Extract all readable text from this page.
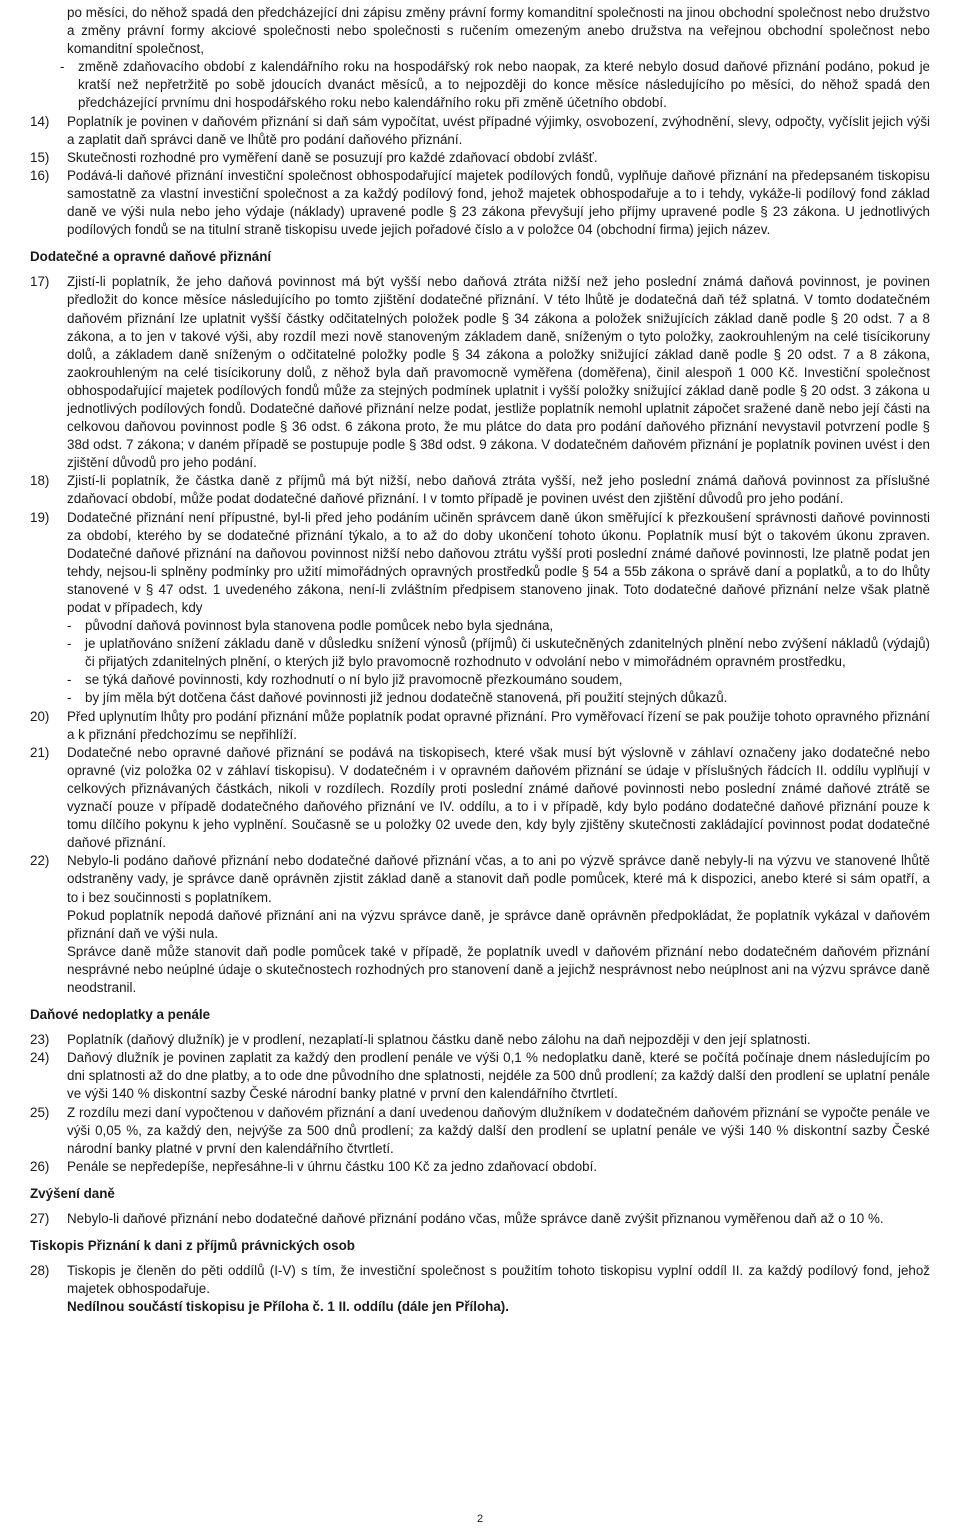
po měsíci, do něhož spadá den předcházející dni zápisu změny právní formy komanditní společnosti na jinou obchodní společnost nebo družstvo a změny právní formy akciové společnosti nebo společnosti s ručením omezeným anebo družstva na veřejnou obchodní společnost nebo komanditní společnost,

- změně zdaňovacího období z kalendářního roku na hospodářský rok nebo naopak, za které nebylo dosud daňové přiznání podáno, pokud je kratší než nepřetržitě po sobě jdoucích dvanáct měsíců, a to nejpozději do konce měsíce následujícího po měsíci, do něhož spadá den předcházející prvnímu dni hospodářského roku nebo kalendářního roku při změně účetního období.
14) Poplatník je povinen v daňovém přiznání si daň sám vypočítat, uvést případné výjimky, osvobození, zvýhodnění, slevy, odpočty, vyčíslit jejich výši a zaplatit daň správci daně ve lhůtě pro podání daňového přiznání.
15) Skutečnosti rozhodné pro vyměření daně se posuzují pro každé zdaňovací období zvlášť.
16) Podává-li daňové přiznání investiční společnost obhospodařující majetek podílových fondů, vyplňuje daňové přiznání na předepsaném tiskopisu samostatně za vlastní investiční společnost a za každý podílový fond, jehož majetek obhospodařuje a to i tehdy, vykáže-li podílový fond základ daně ve výši nula nebo jeho výdaje (náklady) upravené podle § 23 zákona převyšují jeho příjmy upravené podle § 23 zákona. U jednotlivých podílových fondů se na titulní straně tiskopisu uvede jejich pořadové číslo a v položce 04 (obchodní firma) jejich název.
Dodatečné a opravné daňové přiznání
17) Zjistí-li poplatník, že jeho daňová povinnost má být vyšší nebo daňová ztráta nižší než jeho poslední známá daňová povinnost, je povinen předložit do konce měsíce následujícího po tomto zjištění dodatečné přiznání. V této lhůtě je dodatečná daň též splatná. V tomto dodatečném daňovém přiznání lze uplatnit vyšší částky odčitatelných položek podle § 34 zákona a položek snižujících základ daně podle § 20 odst. 7 a 8 zákona, a to jen v takové výši, aby rozdíl mezi nově stanoveným základem daně, sníženým o tyto položky, zaokrouhleným na celé tisícikoruny dolů, a základem daně sníženým o odčitatelné položky podle § 34 zákona a položky snižující základ daně podle § 20 odst. 7 a 8 zákona, zaokrouhleným na celé tisícikoruny dolů, z něhož byla daň pravomocně vyměřena (doměřena), činil alespoň 1 000 Kč. Investiční společnost obhospodařující majetek podílových fondů může za stejných podmínek uplatnit i vyšší položky snižující základ daně podle § 20 odst. 3 zákona u jednotlivých podílových fondů. Dodatečné daňové přiznání nelze podat, jestliže poplatník nemohl uplatnit zápočet sražené daně nebo její části na celkovou daňovou povinnost podle § 36 odst. 6 zákona proto, že mu plátce do data pro podání daňového přiznání nevystavil potvrzení podle § 38d odst. 7 zákona; v daném případě se postupuje podle § 38d odst. 9 zákona. V dodatečném daňovém přiznání je poplatník povinen uvést i den zjištění důvodů pro jeho podání.
18) Zjistí-li poplatník, že částka daně z příjmů má být nižší, nebo daňová ztráta vyšší, než jeho poslední známá daňová povinnost za příslušné zdaňovací období, může podat dodatečné daňové přiznání. I v tomto případě je povinen uvést den zjištění důvodů pro jeho podání.
19) Dodatečné přiznání není přípustné, byl-li před jeho podáním učiněn správcem daně úkon směřující k přezkoušení správnosti daňové povinnosti za období, kterého by se dodatečné přiznání týkalo, a to až do doby ukončení tohoto úkonu. Poplatník musí být o takovém úkonu zpraven. Dodatečné daňové přiznání na daňovou povinnost nižší nebo daňovou ztrátu vyšší proti poslední známé daňové povinnosti, lze platně podat jen tehdy, nejsou-li splněny podmínky pro užití mimořádných opravných prostředků podle § 54 a 55b zákona o správě daní a poplatků, a to do lhůty stanovené v § 47 odst. 1 uvedeného zákona, není-li zvláštním předpisem stanoveno jinak. Toto dodatečné daňové přiznání nelze však platně podat v případech, kdy
- původní daňová povinnost byla stanovena podle pomůcek nebo byla sjednána,
- je uplatňováno snížení základu daně v důsledku snížení výnosů (příjmů) či uskutečněných zdanitelných plnění nebo zvýšení nákladů (výdajů) či přijatých zdanitelných plnění, o kterých již bylo pravomocně rozhodnuto v odvolání nebo v mimořádném opravném prostředku,
- se týká daňové povinnosti, kdy rozhodnutí o ní bylo již pravomocně přezkoumáno soudem,
- by jím měla být dotčena část daňové povinnosti již jednou dodatečně stanovená, při použití stejných důkazů.
20) Před uplynutím lhůty pro podání přiznání může poplatník podat opravné přiznání. Pro vyměřovací řízení se pak použije tohoto opravného přiznání a k přiznání předchozímu se nepřihlíží.
21) Dodatečné nebo opravné daňové přiznání se podává na tiskopisech, které však musí být výslovně v záhlaví označeny jako dodatečné nebo opravné (viz položka 02 v záhlaví tiskopisu). V dodatečném i v opravném daňovém přiznání se údaje v příslušných řádcích II. oddílu vyplňují v celkových přiznávaných částkách, nikoli v rozdílech. Rozdíly proti poslední známé daňové povinnosti nebo poslední známé daňové ztrátě se vyznačí pouze v případě dodatečného daňového přiznání ve IV. oddílu, a to i v případě, kdy bylo podáno dodatečné daňové přiznání pouze k tomu dílčího pokynu k jeho vyplnění. Současně se u položky 02 uvede den, kdy byly zjištěny skutečnosti zakládající povinnost podat dodatečné daňové přiznání.
22) Nebylo-li podáno daňové přiznání nebo dodatečné daňové přiznání včas, a to ani po výzvě správce daně nebyly-li na výzvu ve stanovené lhůtě odstraněny vady, je správce daně oprávněn zjistit základ daně a stanovit daň podle pomůcek, které má k dispozici, anebo které si sám opatří, a to i bez součinnosti s poplatníkem.

Pokud poplatník nepodá daňové přiznání ani na výzvu správce daně, je správce daně oprávněn předpokládat, že poplatník vykázal v daňovém přiznání daň ve výši nula.

Správce daně může stanovit daň podle pomůcek také v případě, že poplatník uvedl v daňovém přiznání nebo dodatečném daňovém přiznání nesprávné nebo neúplné údaje o skutečnostech rozhodných pro stanovení daně a jejichž nesprávnost nebo neúplnost ani na výzvu správce daně neodstranil.

Daňové nedoplatky a penále
23) Poplatník (daňový dlužník) je v prodlení, nezaplatí-li splatnou částku daně nebo zálohu na daň nejpozději v den její splatnosti.
24) Daňový dlužník je povinen zaplatit za každý den prodlení penále ve výši 0,1 % nedoplatku daně, které se počítá počínaje dnem následujícím po dni splatnosti až do dne platby, a to ode dne původního dne splatnosti, nejdéle za 500 dnů prodlení; za každý další den prodlení se uplatní penále ve výši 140 % diskontní sazby České národní banky platné v první den kalendářního čtvrtletí.
25) Z rozdílu mezi daní vypočtenou v daňovém přiznání a daní uvedenou daňovým dlužníkem v dodatečném daňovém přiznání se vypočte penále ve výši 0,05 %, za každý den, nejvýše za 500 dnů prodlení; za každý další den prodlení se uplatní penále ve výši 140 % diskontní sazby České národní banky platné v první den kalendářního čtvrtletí.
26) Penále se nepředepíše, nepřesáhne-li v úhrnu částku 100 Kč za jedno zdaňovací období.
Zvýšení daně
27) Nebylo-li daňové přiznání nebo dodatečné daňové přiznání podáno včas, může správce daně zvýšit přiznanou vyměřenou daň až o 10 %.
Tiskopis Přiznání k dani z příjmů právnických osob
28) Tiskopis je členěn do pěti oddílů (I-V) s tím, že investiční společnost s použitím tohoto tiskopisu vyplní oddíl II. za každý podílový fond, jehož majetek obhospodařuje.
Nedílnou součástí tiskopisu je Příloha č. 1 II. oddílu (dále jen Příloha).
2
